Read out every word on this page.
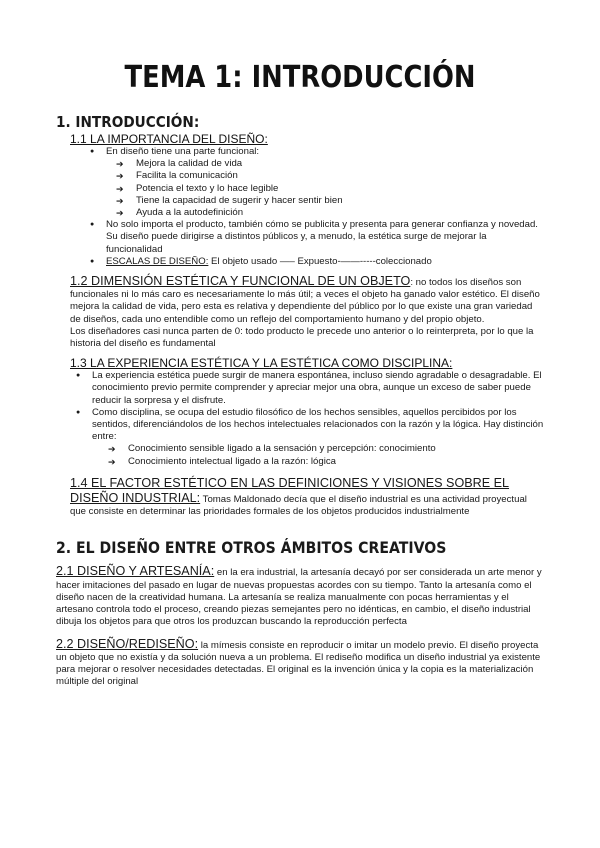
TEMA 1: INTRODUCCIÓN
1. INTRODUCCIÓN:
1.1 LA IMPORTANCIA DEL DISEÑO:
● En diseño tiene una parte funcional:
➔ Mejora la calidad de vida
➔ Facilita la comunicación
➔ Potencia el texto y lo hace legible
➔ Tiene la capacidad de sugerir y hacer sentir bien
➔ Ayuda a la autodefinición
● No solo importa el producto, también cómo se publicita y presenta para generar confianza y novedad. Su diseño puede dirigirse a distintos públicos y, a menudo, la estética surge de mejorar la funcionalidad
● ESCALAS DE DISEÑO: El objeto usado —– Expuesto-——-----coleccionado

1.2 DIMENSIÓN ESTÉTICA Y FUNCIONAL DE UN OBJETO: no todos los diseños son funcionales ni lo más caro es necesariamente lo más útil; a veces el objeto ha ganado valor estético. El diseño mejora la calidad de vida, pero esta es relativa y dependiente del público por lo que existe una gran variedad de diseños, cada uno entendible como un reflejo del comportamiento humano y del propio objeto.

Los diseñadores casi nunca parten de 0: todo producto le precede uno anterior o lo reinterpreta, por lo que la historia del diseño es fundamental

1.3 LA EXPERIENCIA ESTÉTICA Y LA ESTÉTICA COMO DISCIPLINA:
● La experiencia estética puede surgir de manera espontánea, incluso siendo agradable o desagradable. El conocimiento previo permite comprender y apreciar mejor una obra, aunque un exceso de saber puede reducir la sorpresa y el disfrute.
● Como disciplina, se ocupa del estudio filosófico de los hechos sensibles, aquellos percibidos por los sentidos, diferenciándolos de los hechos intelectuales relacionados con la razón y la lógica. Hay distinción entre:
➔ Conocimiento sensible ligado a la sensación y percepción: conocimiento
➔ Conocimiento intelectual ligado a la razón: lógica

1.4 EL FACTOR ESTÉTICO EN LAS DEFINICIONES Y VISIONES SOBRE EL DISEÑO INDUSTRIAL: Tomas Maldonado decía que el diseño industrial es una actividad proyectual que consiste en determinar las prioridades formales de los objetos producidos industrialmente

2. EL DISEÑO ENTRE OTROS ÁMBITOS CREATIVOS

2.1 DISEÑO Y ARTESANÍA: en la era industrial, la artesanía decayó por ser considerada un arte menor y hacer imitaciones del pasado en lugar de nuevas propuestas acordes con su tiempo. Tanto la artesanía como el diseño nacen de la creatividad humana. La artesanía se realiza manualmente con pocas herramientas y el artesano controla todo el proceso, creando piezas semejantes pero no idénticas, en cambio, el diseño industrial dibuja los objetos para que otros los produzcan buscando la reproducción perfecta

2.2 DISEÑO/REDISEÑO: la mímesis consiste en reproducir o imitar un modelo previo. El diseño proyecta un objeto que no existía y da solución nueva a un problema. El rediseño modifica un diseño industrial ya existente para mejorar o resolver necesidades detectadas. El original es la invención única y la copia es la materialización múltiple del original
